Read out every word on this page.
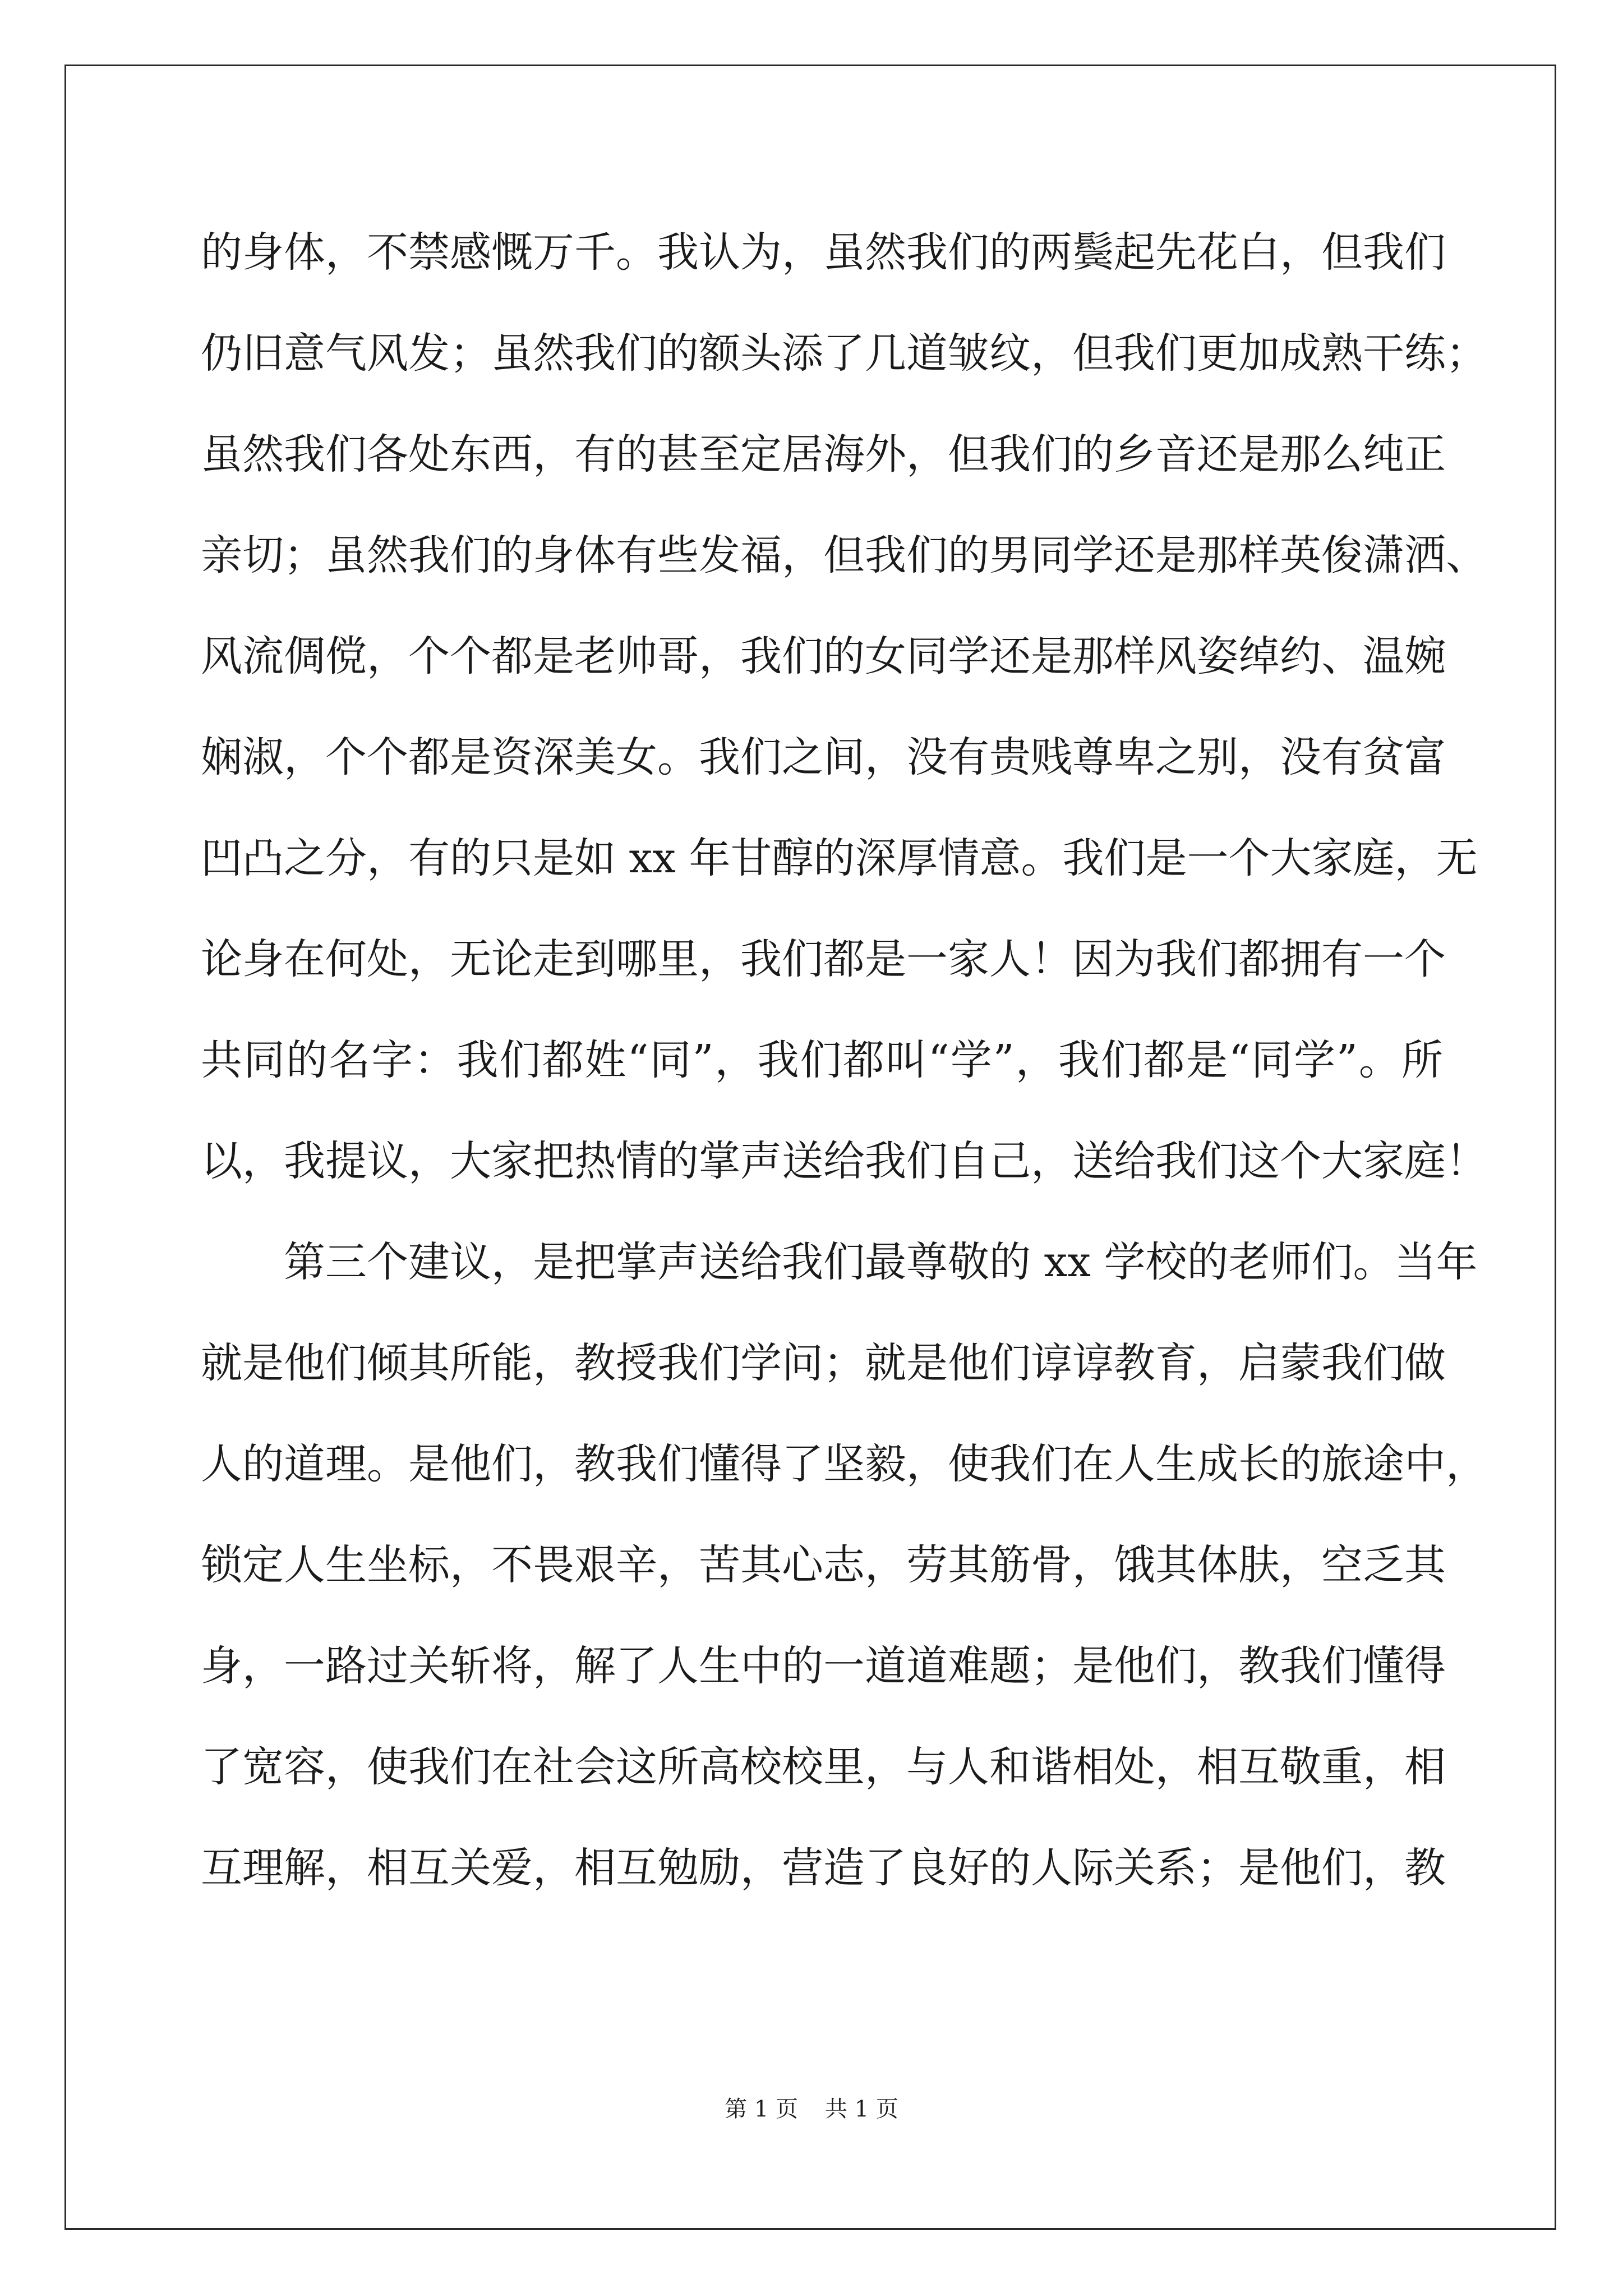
的身体，不禁感慨万千。我认为，虽然我们的两鬓起先花白，但我们
仍旧意气风发；虽然我们的额头添了几道皱纹，但我们更加成熟干练；
虽然我们各处东西，有的甚至定居海外，但我们的乡音还是那么纯正
亲切；虽然我们的身体有些发福，但我们的男同学还是那样英俊潇洒、
风流倜傥，个个都是老帅哥，我们的女同学还是那样风姿绰约、温婉
娴淑，个个都是资深美女。我们之间，没有贵贱尊卑之别，没有贫富
凹凸之分，有的只是如 xx 年甘醇的深厚情意。我们是一个大家庭，无
论身在何处，无论走到哪里，我们都是一家人！因为我们都拥有一个
共同的名字：我们都姓“同”，我们都叫“学”，我们都是“同学”。所
以，我提议，大家把热情的掌声送给我们自己，送给我们这个大家庭！
第三个建议，是把掌声送给我们最尊敬的 xx 学校的老师们。当年
就是他们倾其所能，教授我们学问；就是他们谆谆教育，启蒙我们做
人的道理。是他们，教我们懂得了坚毅，使我们在人生成长的旅途中，
锁定人生坐标，不畏艰辛，苦其心志，劳其筋骨，饿其体肤，空乏其
身，一路过关斩将，解了人生中的一道道难题；是他们，教我们懂得
了宽容，使我们在社会这所高校校里，与人和谐相处，相互敬重，相
互理解，相互关爱，相互勉励，营造了良好的人际关系；是他们，教
第 1 页 共 1 页
